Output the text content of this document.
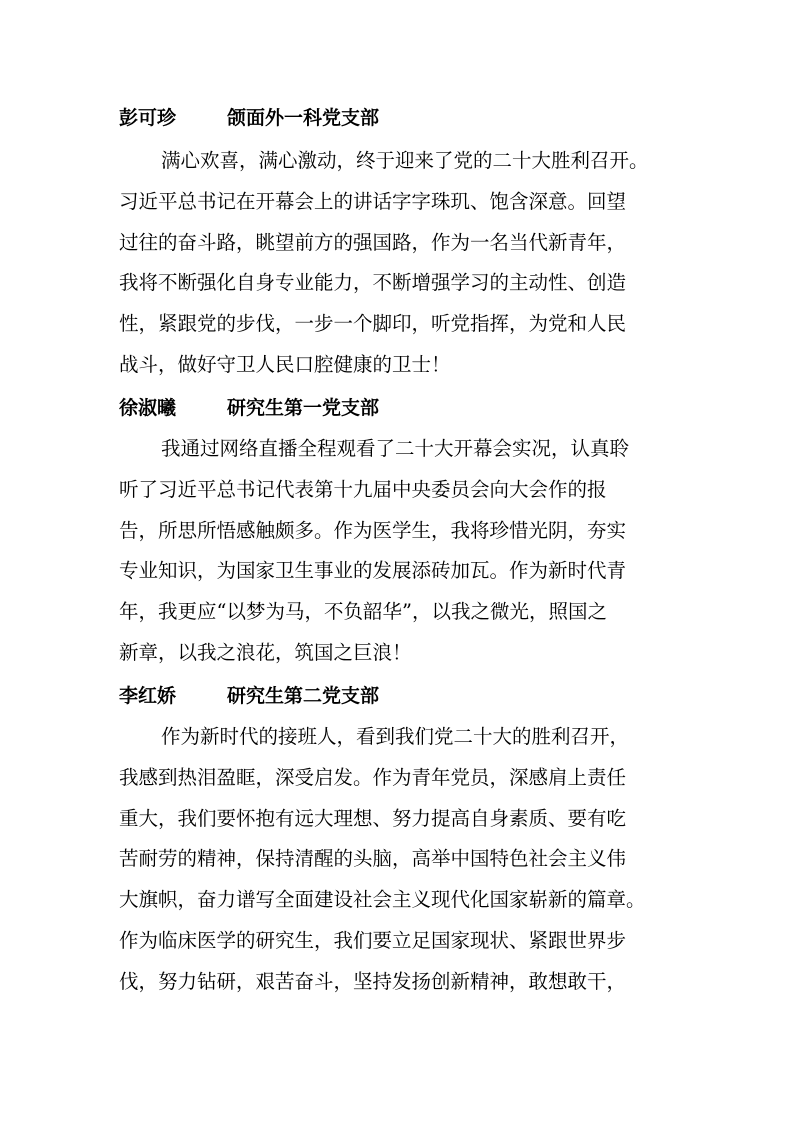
彭可珍	颌面外一科党支部
满心欢喜，满心激动，终于迎来了党的二十大胜利召开。
习近平总书记在开幕会上的讲话字字珠玑、饱含深意。回望
过往的奋斗路，眺望前方的强国路，作为一名当代新青年，
我将不断强化自身专业能力，不断增强学习的主动性、创造
性，紧跟党的步伐，一步一个脚印，听党指挥，为党和人民
战斗，做好守卫人民口腔健康的卫士！
徐淑曦	研究生第一党支部
我通过网络直播全程观看了二十大开幕会实况，认真聆
听了习近平总书记代表第十九届中央委员会向大会作的报
告，所思所悟感触颇多。作为医学生，我将珍惜光阴，夯实
专业知识，为国家卫生事业的发展添砖加瓦。作为新时代青
年，我更应“以梦为马，不负韶华”，以我之微光，照国之
新章，以我之浪花，筑国之巨浪！
李红娇	研究生第二党支部
作为新时代的接班人，看到我们党二十大的胜利召开，
我感到热泪盈眶，深受启发。作为青年党员，深感肩上责任
重大，我们要怀抱有远大理想、努力提高自身素质、要有吃
苦耐劳的精神，保持清醒的头脑，高举中国特色社会主义伟
大旗帜，奋力谱写全面建设社会主义现代化国家崭新的篇章。
作为临床医学的研究生，我们要立足国家现状、紧跟世界步
伐，努力钻研，艰苦奋斗，坚持发扬创新精神，敢想敢干，
